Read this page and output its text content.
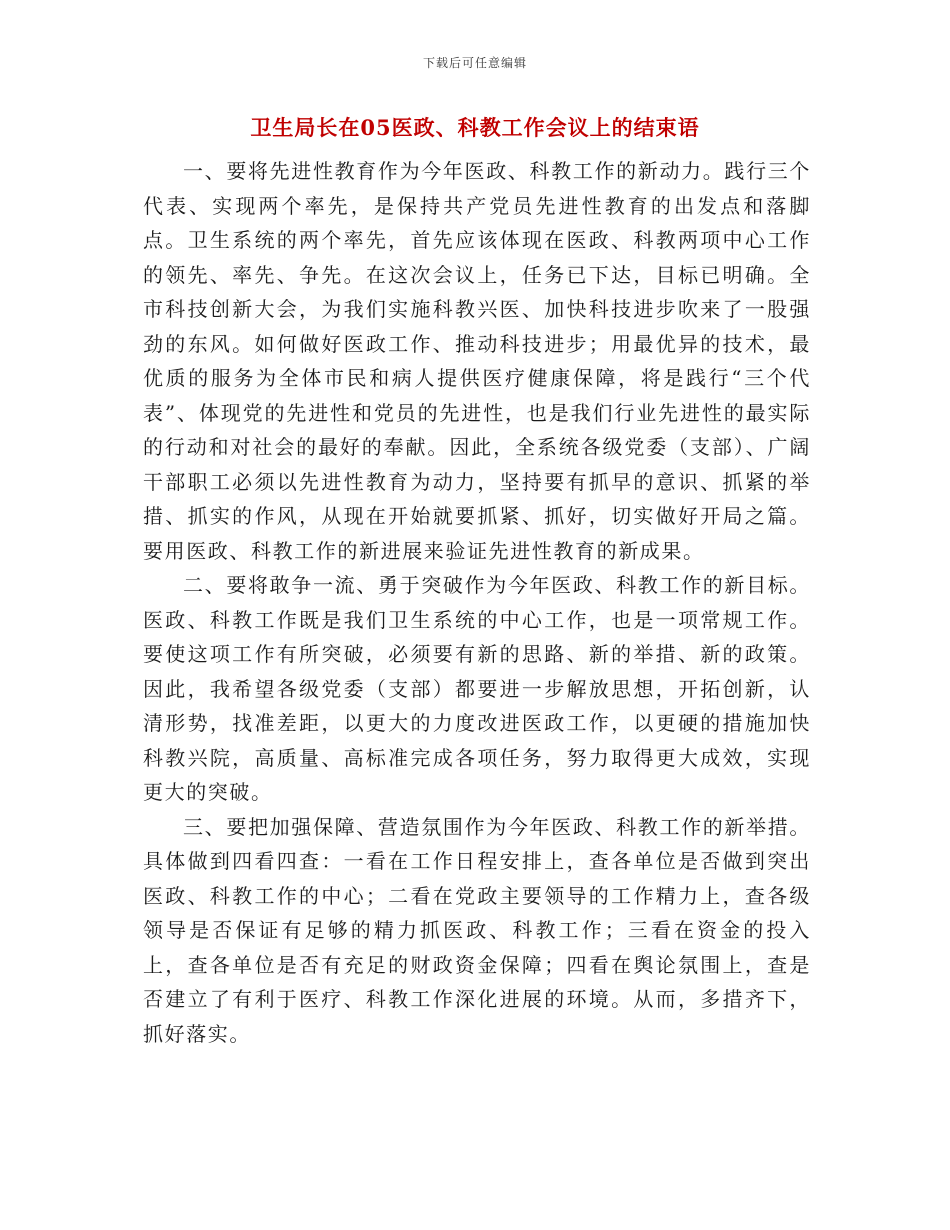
下载后可任意编辑
卫生局长在05医政、科教工作会议上的结束语

一、要将先进性教育作为今年医政、科教工作的新动力。践行三个代表、实现两个率先，是保持共产党员先进性教育的出发点和落脚点。卫生系统的两个率先，首先应该体现在医政、科教两项中心工作的领先、率先、争先。在这次会议上，任务已下达，目标已明确。全市科技创新大会，为我们实施科教兴医、加快科技进步吹来了一股强劲的东风。如何做好医政工作、推动科技进步；用最优异的技术，最优质的服务为全体市民和病人提供医疗健康保障，将是践行“三个代表”、体现党的先进性和党员的先进性，也是我们行业先进性的最实际的行动和对社会的最好的奉献。因此，全系统各级党委（支部）、广阔干部职工必须以先进性教育为动力，坚持要有抓早的意识、抓紧的举措、抓实的作风，从现在开始就要抓紧、抓好，切实做好开局之篇。要用医政、科教工作的新进展来验证先进性教育的新成果。

二、要将敢争一流、勇于突破作为今年医政、科教工作的新目标。医政、科教工作既是我们卫生系统的中心工作，也是一项常规工作。要使这项工作有所突破，必须要有新的思路、新的举措、新的政策。因此，我希望各级党委（支部）都要进一步解放思想，开拓创新，认清形势，找准差距，以更大的力度改进医政工作，以更硬的措施加快科教兴院，高质量、高标准完成各项任务，努力取得更大成效，实现更大的突破。

三、要把加强保障、营造氛围作为今年医政、科教工作的新举措。具体做到四看四查：一看在工作日程安排上，查各单位是否做到突出医政、科教工作的中心；二看在党政主要领导的工作精力上，查各级领导是否保证有足够的精力抓医政、科教工作；三看在资金的投入上，查各单位是否有充足的财政资金保障；四看在舆论氛围上，查是否建立了有利于医疗、科教工作深化进展的环境。从而，多措齐下，抓好落实。
